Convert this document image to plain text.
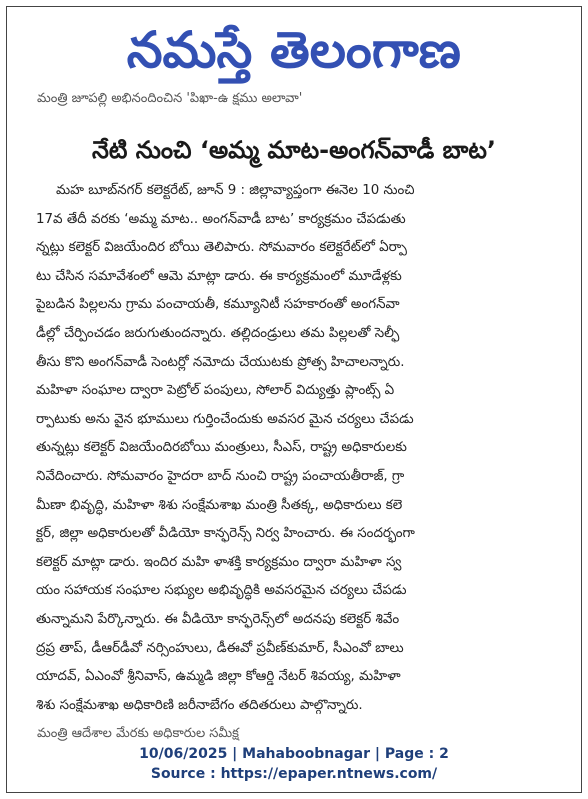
నమస్తే తెలంగాణ
మంత్రి జూపల్లి అభినందించిన 'పిఖా-ఉ క్షము అలావా'
నేటి నుంచి ‘అమ్మ మాట-అంగన్‌వాడీ బాట’
మహ బూబ్‌నగర్ కలెక్టరేట్, జూన్ 9 : జిల్లావ్యాప్తంగా ఈనెల 10 నుంచి
17వ తేదీ వరకు ‘అమ్మ మాట.. అంగన్‌వాడీ బాట’ కార్యక్రమం చేపడుతు
న్నట్లు కలెక్టర్ విజయేందిర బోయి తెలిపారు. సోమవారం కలెక్టరేట్‌లో ఏర్పా
టు చేసిన సమావేశంలో ఆమె మాట్లా డారు. ఈ కార్యక్రమంలో మూడేళ్లకు
పైబడిన పిల్లలను గ్రామ పంచాయతీ, కమ్యూనిటీ సహకారంతో అంగన్‌వా
డీల్లో చేర్పించడం జరుగుతుందన్నారు. తల్లిదండ్రులు తమ పిల్లలతో సెల్ఫీ
తీసు కొని అంగన్‌వాడీ సెంటర్లో నమోదు చేయుటకు ప్రోత్స హిచాలన్నారు.
మహిళా సంఘాల ద్వారా పెట్రోల్ పంపులు, సోలార్ విద్యుత్తు ప్లాంట్స్ ఏ
ర్పాటుకు అను వైన భూములు గుర్తించేందుకు అవసర మైన చర్యలు చేపడు
తున్నట్లు కలెక్టర్ విజయేందిరబోయి మంత్రులు, సీఎస్, రాష్ట్ర అధికారులకు
నివేదించారు. సోమవారం హైదరా బాద్ నుంచి రాష్ట్ర పంచాయతీరాజ్, గ్రా
మీణా భివృద్ధి, మహిళా శిశు సంక్షేమశాఖ మంత్రి సీతక్క, అధికారులు కలె
క్టర్, జిల్లా అధికారులతో వీడియో కాన్ఫరెన్స్ నిర్వ హించారు. ఈ సందర్భంగా
కలెక్టర్ మాట్లా డారు. ఇందిర మహి ళాశక్తి కార్యక్రమం ద్వారా మహిళా స్వ
యం సహాయక సంఘాల సభ్యుల అభివృద్ధికి అవసరమైన చర్యలు చేపడు
తున్నామని పేర్కొన్నారు. ఈ వీడియో కాన్ఫరెన్స్‌లో అదనపు కలెక్టర్ శివేం
ద్రప్ర తాప్, డీఆర్‌డీవో నర్సింహులు, డీఈవో ప్రవీణ్‌కుమార్, సీఎంవో బాలు
యాదవ్, ఏఎంవో శ్రీనివాస్, ఉమ్మడి జిల్లా కోఆర్డి నేటర్ శివయ్య, మహిళా
శిశు సంక్షేమశాఖ అధికారిణి జరీనాబేగం తదితరులు పాల్గొన్నారు.
మంత్రి ఆదేశాల మేరకు అధికారుల సమీక్ష
10/06/2025 | Mahaboobnagar | Page : 2
Source : https://epaper.ntnews.com/
